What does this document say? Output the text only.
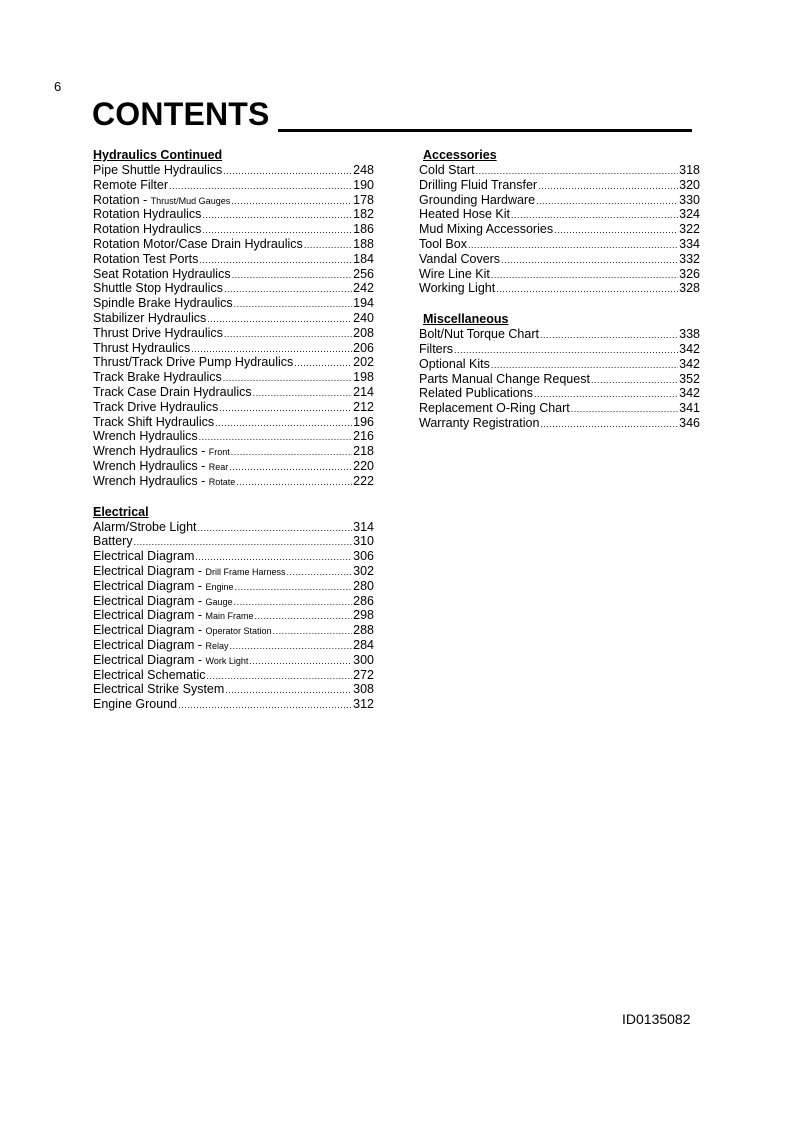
6
CONTENTS
Hydraulics Continued
Pipe Shuttle Hydraulics .....	248
Remote Filter .....	190
Rotation - Thrust/Mud Gauges .....	178
Rotation Hydraulics .....	182
Rotation Hydraulics .....	186
Rotation Motor/Case Drain Hydraulics .....	188
Rotation Test Ports .....	184
Seat Rotation Hydraulics .....	256
Shuttle Stop Hydraulics .....	242
Spindle Brake Hydraulics .....	194
Stabilizer Hydraulics .....	240
Thrust Drive Hydraulics .....	208
Thrust Hydraulics .....	206
Thrust/Track Drive Pump Hydraulics .....	202
Track Brake Hydraulics .....	198
Track Case Drain Hydraulics .....	214
Track Drive Hydraulics .....	212
Track Shift Hydraulics .....	196
Wrench Hydraulics .....	216
Wrench Hydraulics - Front .....	218
Wrench Hydraulics - Rear .....	220
Wrench Hydraulics - Rotate .....	222
Electrical
Alarm/Strobe Light .....	314
Battery .....	310
Electrical Diagram .....	306
Electrical Diagram - Drill Frame Harness .....	302
Electrical Diagram - Engine .....	280
Electrical Diagram - Gauge .....	286
Electrical Diagram - Main Frame .....	298
Electrical Diagram - Operator Station .....	288
Electrical Diagram - Relay .....	284
Electrical Diagram - Work Light .....	300
Electrical Schematic .....	272
Electrical Strike System .....	308
Engine Ground .....	312
Accessories
Cold Start .....	318
Drilling Fluid Transfer .....	320
Grounding Hardware .....	330
Heated Hose Kit .....	324
Mud Mixing Accessories .....	322
Tool Box .....	334
Vandal Covers .....	332
Wire Line Kit .....	326
Working Light .....	328
Miscellaneous
Bolt/Nut Torque Chart .....	338
Filters .....	342
Optional Kits .....	342
Parts Manual Change Request .....	352
Related Publications .....	342
Replacement O-Ring Chart .....	341
Warranty Registration .....	346
ID0135082
